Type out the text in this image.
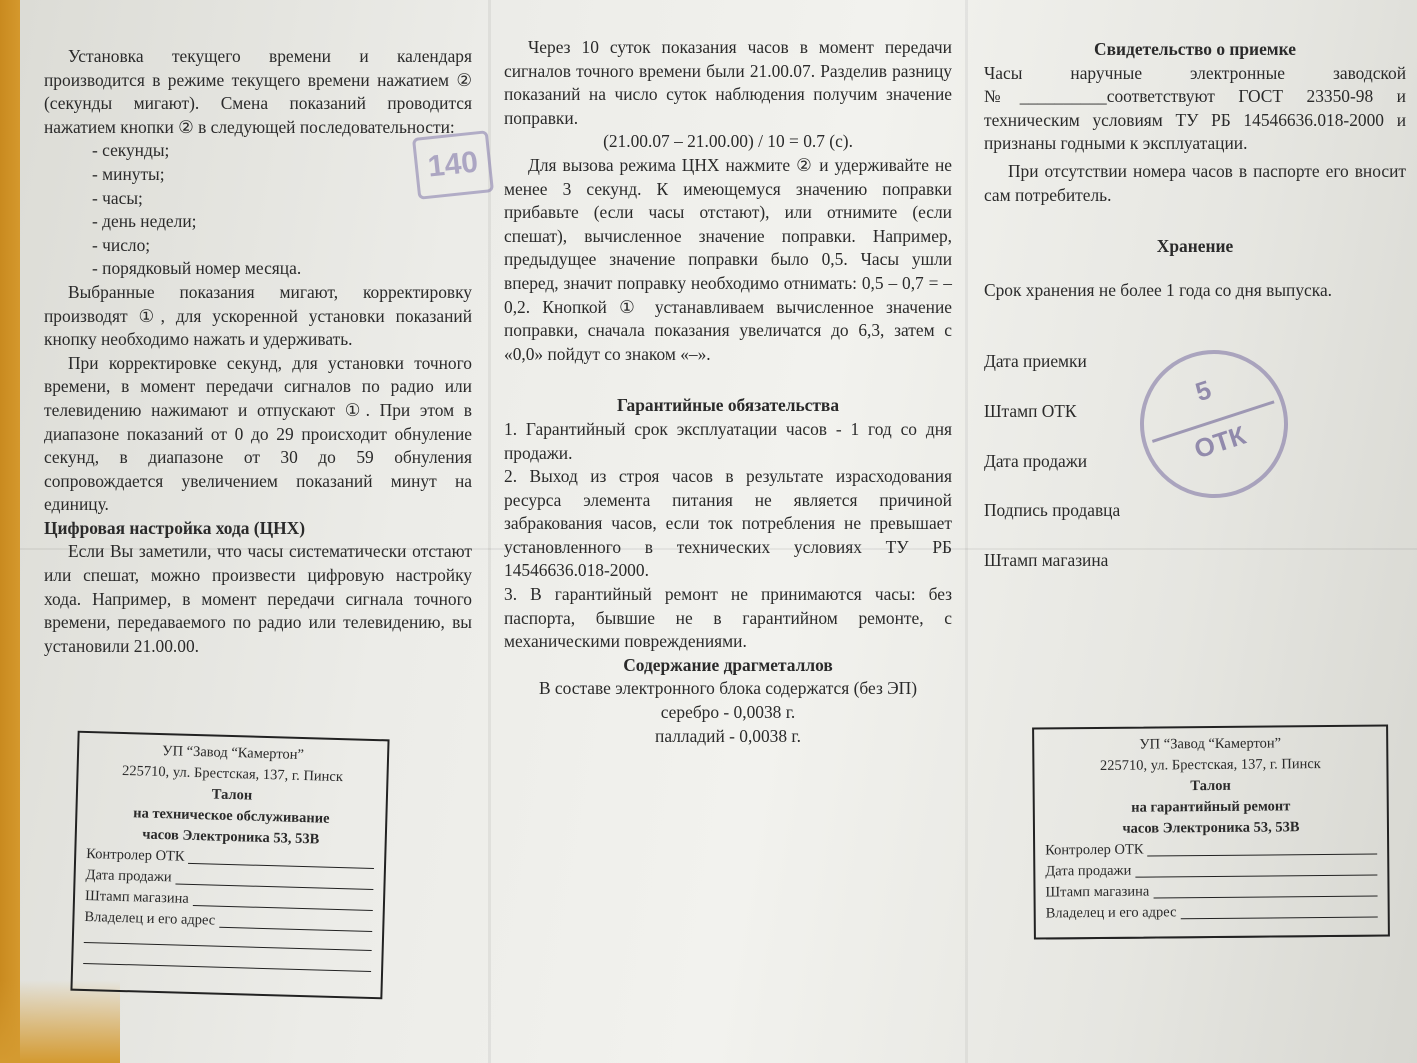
Установка текущего времени и календаря производится в режиме текущего времени нажатием ② (секунды мигают). Смена показаний проводится нажатием кнопки ② в следующей последовательности:

- секунды;
- минуты;
- часы;
- день недели;
- число;
- порядковый номер месяца.

Выбранные показания мигают, корректировку производят ①, для ускоренной установки показаний кнопку необходимо нажать и удерживать.

При корректировке секунд, для установки точного времени, в момент передачи сигналов по радио или телевидению нажимают и отпускают ①. При этом в диапазоне показаний от 0 до 29 происходит обнуление секунд, в диапазоне от 30 до 59 обнуления сопровождается увеличением показаний минут на единицу.

Цифровая настройка хода (ЦНХ)

Если Вы заметили, что часы систематически отстают или спешат, можно произвести цифровую настройку хода. Например, в момент передачи сигнала точного времени, передаваемого по радио или телевидению, вы установили 21.00.00.

140

Через 10 суток показания часов в момент передачи сигналов точного времени были 21.00.07. Разделив разницу показаний на число суток наблюдения получим значение поправки.

(21.00.07 – 21.00.00) / 10 = 0.7 (с).

Для вызова режима ЦНХ нажмите ② и удерживайте не менее 3 секунд. К имеющемуся значению поправки прибавьте (если часы отстают), или отнимите (если спешат), вычисленное значение поправки. Например, предыдущее значение поправки было 0,5. Часы ушли вперед, значит поправку необходимо отнимать: 0,5 – 0,7 = –0,2. Кнопкой ① устанавливаем вычисленное значение поправки, сначала показания увеличатся до 6,3, затем с «0,0» пойдут со знаком «–».

Гарантийные обязательства

1. Гарантийный срок эксплуатации часов - 1 год со дня продажи.

2. Выход из строя часов в результате израсходования ресурса элемента питания не является причиной забракования часов, если ток потребления не превышает установленного в технических условиях ТУ РБ 14546636.018-2000.

3. В гарантийный ремонт не принимаются часы: без паспорта, бывшие не в гарантийном ремонте, с механическими повреждениями.

Содержание драгметаллов

В составе электронного блока содержатся (без ЭП)

серебро - 0,0038 г.

палладий - 0,0038 г.

Свидетельство о приемке

Часы наручные электронные заводской №__________соответствуют ГОСТ 23350-98 и техническим условиям ТУ РБ 14546636.018-2000 и признаны годными к эксплуатации.

При отсутствии номера часов в паспорте его вносит сам потребитель.

Хранение

Срок хранения не более 1 года со дня выпуска.

Дата приемки

Штамп ОТК

Дата продажи

Подпись продавца

Штамп магазина

5
ОТК
УП “Завод “Камертон”
225710, ул. Брестская, 137, г. Пинск
Талон
на техническое обслуживание
часов Электроника 53, 53В
Контролер ОТК
Дата продажи
Штамп магазина
Владелец и его адрес
УП “Завод “Камертон”
225710, ул. Брестская, 137, г. Пинск
Талон
на гарантийный ремонт
часов Электроника 53, 53В
Контролер ОТК
Дата продажи
Штамп магазина
Владелец и его адрес
